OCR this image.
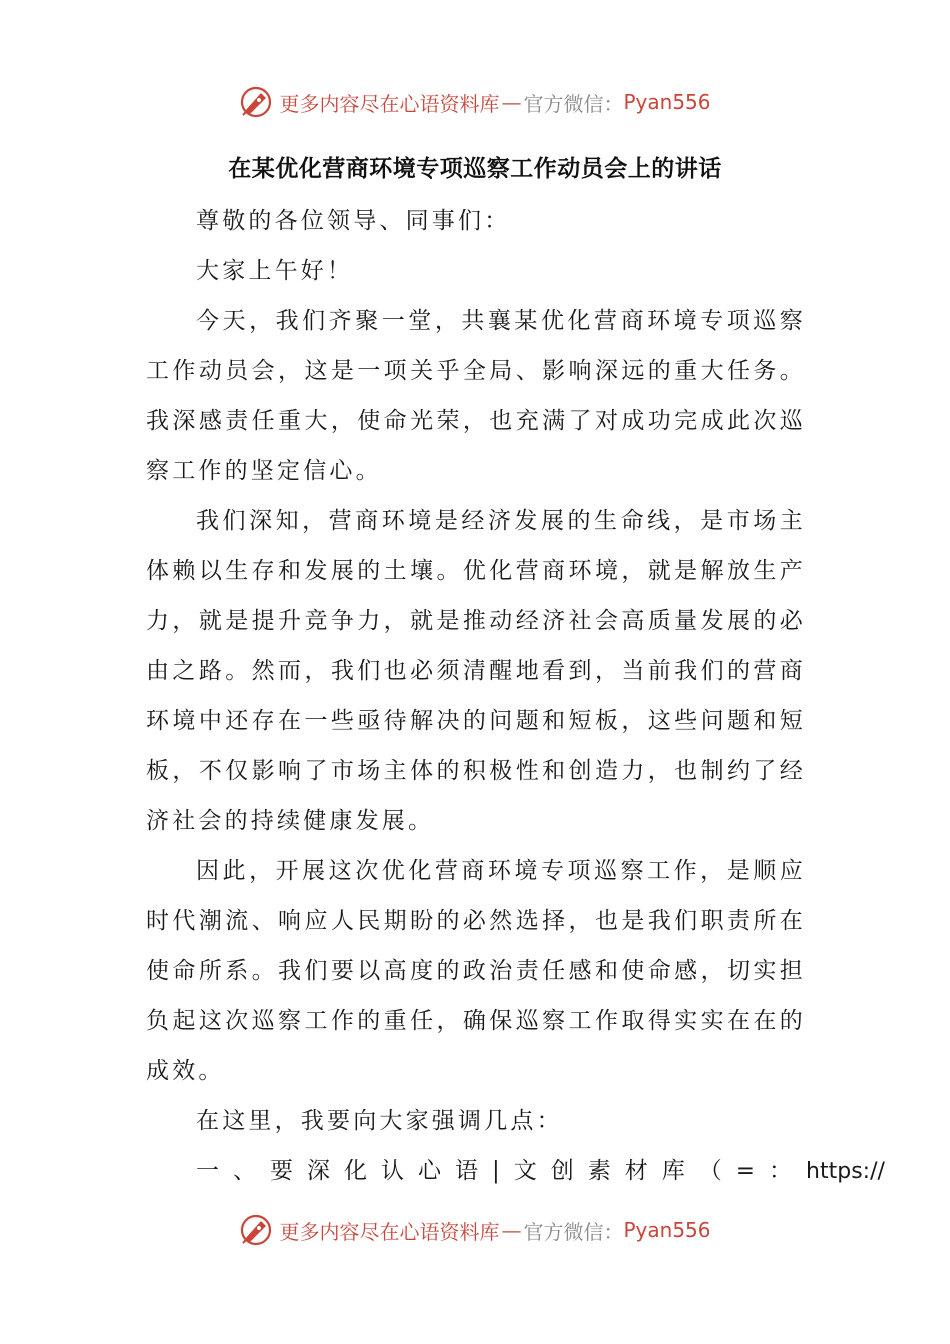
更多内容尽在心语资料库 — 官方微信： Pyan556
在某优化营商环境专项巡察工作动员会上的讲话

尊敬的各位领导、同事们：

大家上午好！

今天，我们齐聚一堂，共襄某优化营商环境专项巡察工作动员会，这是一项关乎全局、影响深远的重大任务。我深感责任重大，使命光荣，也充满了对成功完成此次巡察工作的坚定信心。

我们深知，营商环境是经济发展的生命线，是市场主体赖以生存和发展的土壤。优化营商环境，就是解放生产力，就是提升竞争力，就是推动经济社会高质量发展的必由之路。然而，我们也必须清醒地看到，当前我们的营商环境中还存在一些亟待解决的问题和短板，这些问题和短板，不仅影响了市场主体的积极性和创造力，也制约了经济社会的持续健康发展。

因此，开展这次优化营商环境专项巡察工作，是顺应时代潮流、响应人民期盼的必然选择，也是我们职责所在使命所系。我们要以高度的政治责任感和使命感，切实担负起这次巡察工作的重任，确保巡察工作取得实实在在的成效。

在这里，我要向大家强调几点：

一、要深化认心语|文创素材库（=：https://

更多内容尽在心语资料库 — 官方微信： Pyan556
